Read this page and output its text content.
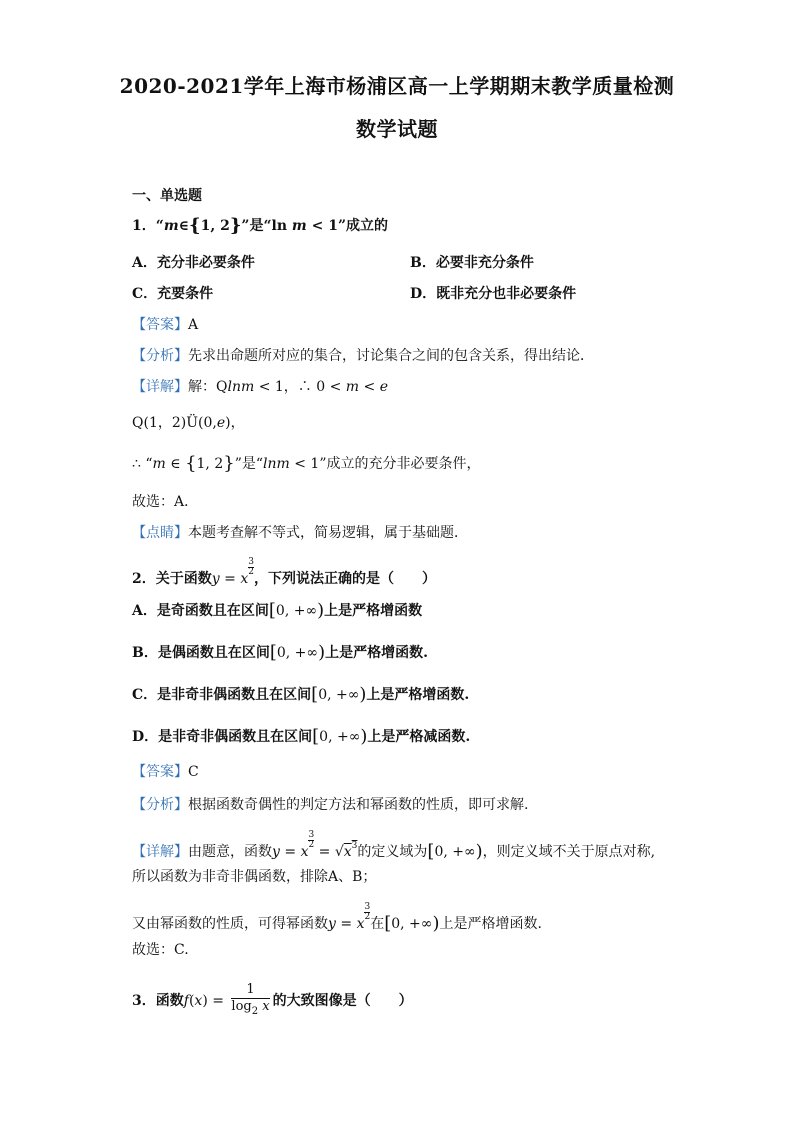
2020-2021学年上海市杨浦区高一上学期期末教学质量检测
数学试题
一、单选题
1．“m∈{1, 2}”是“ln m < 1”成立的
A．充分非必要条件	B．必要非充分条件
C．充要条件	D．既非充分也非必要条件
【答案】A
【分析】先求出命题所对应的集合，讨论集合之间的包含关系，得出结论．
【详解】解：Qlnm < 1，∴ 0 < m < e
Q(1，2)Ü(0,e)，
∴ “m ∈ {1, 2}”是“lnm < 1”成立的充分非必要条件，
故选：A．
【点睛】本题考查解不等式，简易逻辑，属于基础题．
2．关于函数y = x
$\frac{3}{2}$
，下列说法正确的是（　　）
A．是奇函数且在区间[0, +∞)上是严格增函数
B．是偶函数且在区间[0, +∞)上是严格增函数.
C．是非奇非偶函数且在区间[0, +∞)上是严格增函数.
D．是非奇非偶函数且在区间[0, +∞)上是严格减函数.
【答案】C
【分析】根据函数奇偶性的判定方法和幂函数的性质，即可求解.
【详解】由题意，函数y = x
$\frac{3}{2}$
= $√x^3$的定义域为[0, +∞)，则定义域不关于原点对称,
所以函数为非奇非偶函数，排除A、B；
又由幂函数的性质，可得幂函数y = x
$\frac{3}{2}$
在[0, +∞)上是严格增函数.
故选：C.
3．函数$f(x) = \frac{1}{\log_2 x}$ 的大致图像是（　　）
